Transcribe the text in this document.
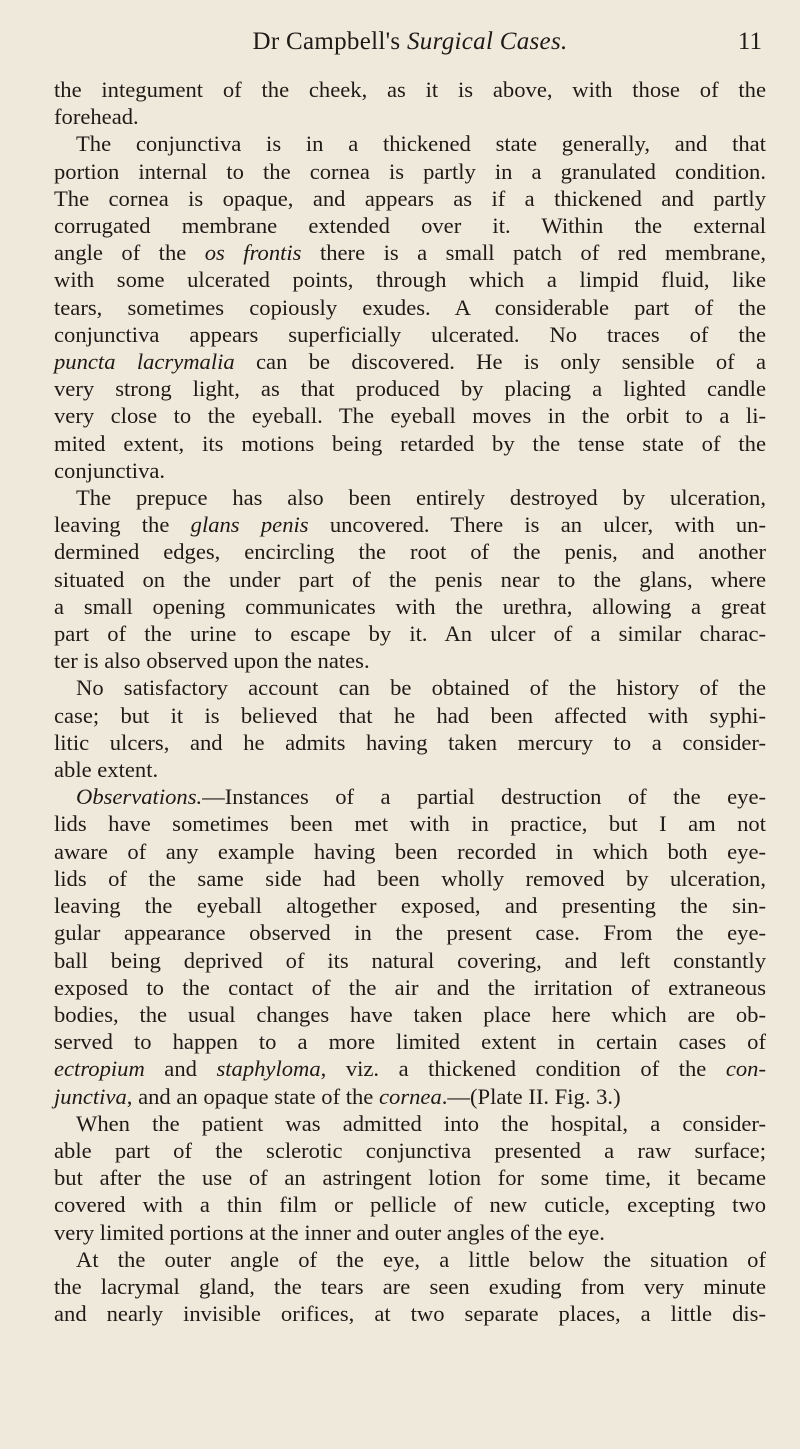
Dr Campbell's Surgical Cases.	11
the integument of the cheek, as it is above, with those of the
forehead.
The conjunctiva is in a thickened state generally, and that
portion internal to the cornea is partly in a granulated condition.
The cornea is opaque, and appears as if a thickened and partly
corrugated membrane extended over it. Within the external
angle of the os frontis there is a small patch of red membrane,
with some ulcerated points, through which a limpid fluid, like
tears, sometimes copiously exudes. A considerable part of the
conjunctiva appears superficially ulcerated. No traces of the
puncta lacrymalia can be discovered. He is only sensible of a
very strong light, as that produced by placing a lighted candle
very close to the eyeball. The eyeball moves in the orbit to a li-
mited extent, its motions being retarded by the tense state of the
conjunctiva.
The prepuce has also been entirely destroyed by ulceration,
leaving the glans penis uncovered. There is an ulcer, with un-
dermined edges, encircling the root of the penis, and another
situated on the under part of the penis near to the glans, where
a small opening communicates with the urethra, allowing a great
part of the urine to escape by it. An ulcer of a similar charac-
ter is also observed upon the nates.
No satisfactory account can be obtained of the history of the
case; but it is believed that he had been affected with syphi-
litic ulcers, and he admits having taken mercury to a consider-
able extent.
Observations.—Instances of a partial destruction of the eye-
lids have sometimes been met with in practice, but I am not
aware of any example having been recorded in which both eye-
lids of the same side had been wholly removed by ulceration,
leaving the eyeball altogether exposed, and presenting the sin-
gular appearance observed in the present case. From the eye-
ball being deprived of its natural covering, and left constantly
exposed to the contact of the air and the irritation of extraneous
bodies, the usual changes have taken place here which are ob-
served to happen to a more limited extent in certain cases of
ectropium and staphyloma, viz. a thickened condition of the con-
junctiva, and an opaque state of the cornea.—(Plate II. Fig. 3.)
When the patient was admitted into the hospital, a consider-
able part of the sclerotic conjunctiva presented a raw surface;
but after the use of an astringent lotion for some time, it became
covered with a thin film or pellicle of new cuticle, excepting two
very limited portions at the inner and outer angles of the eye.
At the outer angle of the eye, a little below the situation of
the lacrymal gland, the tears are seen exuding from very minute
and nearly invisible orifices, at two separate places, a little dis-
